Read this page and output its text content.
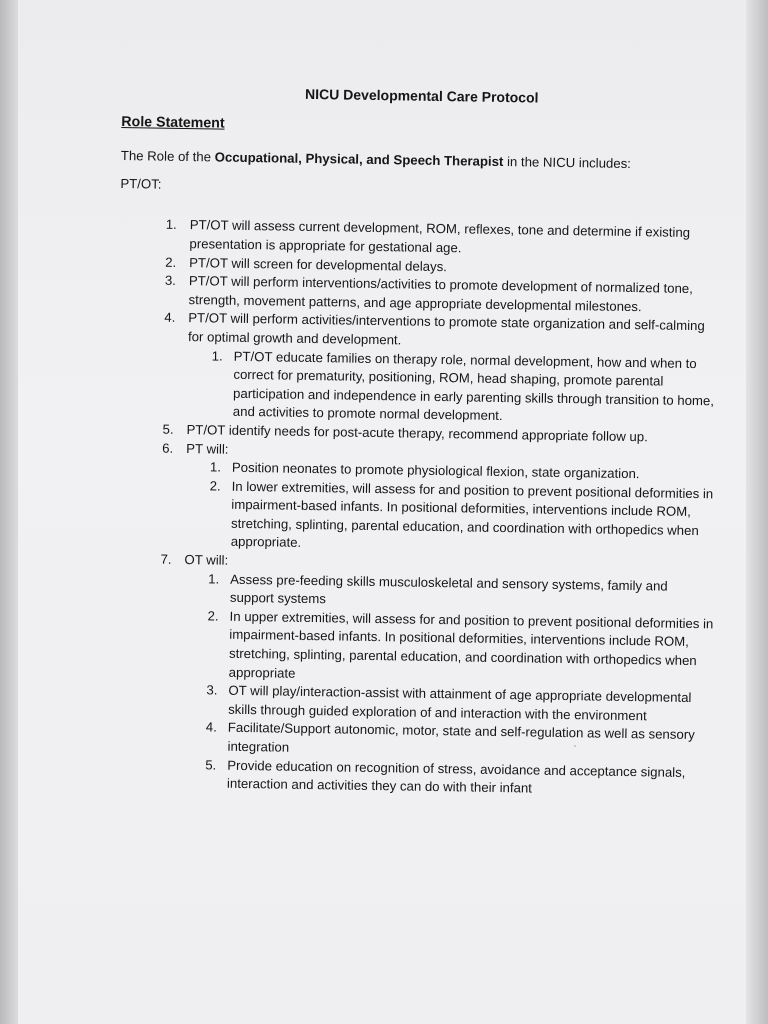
NICU Developmental Care Protocol
Role Statement
The Role of the Occupational, Physical, and Speech Therapist in the NICU includes:
PT/OT:
1. PT/OT will assess current development, ROM, reflexes, tone and determine if existing presentation is appropriate for gestational age.
2. PT/OT will screen for developmental delays.
3. PT/OT will perform interventions/activities to promote development of normalized tone, strength, movement patterns, and age appropriate developmental milestones.
4. PT/OT will perform activities/interventions to promote state organization and self-calming for optimal growth and development.
1. PT/OT educate families on therapy role, normal development, how and when to correct for prematurity, positioning, ROM, head shaping, promote parental participation and independence in early parenting skills through transition to home, and activities to promote normal development.
5. PT/OT identify needs for post-acute therapy, recommend appropriate follow up.
6. PT will:
1. Position neonates to promote physiological flexion, state organization.
2. In lower extremities, will assess for and position to prevent positional deformities in impairment-based infants. In positional deformities, interventions include ROM, stretching, splinting, parental education, and coordination with orthopedics when appropriate.
7. OT will:
1. Assess pre-feeding skills musculoskeletal and sensory systems, family and support systems
2. In upper extremities, will assess for and position to prevent positional deformities in impairment-based infants. In positional deformities, interventions include ROM, stretching, splinting, parental education, and coordination with orthopedics when appropriate
3. OT will play/interaction-assist with attainment of age appropriate developmental skills through guided exploration of and interaction with the environment
4. Facilitate/Support autonomic, motor, state and self-regulation as well as sensory integration
5. Provide education on recognition of stress, avoidance and acceptance signals, interaction and activities they can do with their infant
